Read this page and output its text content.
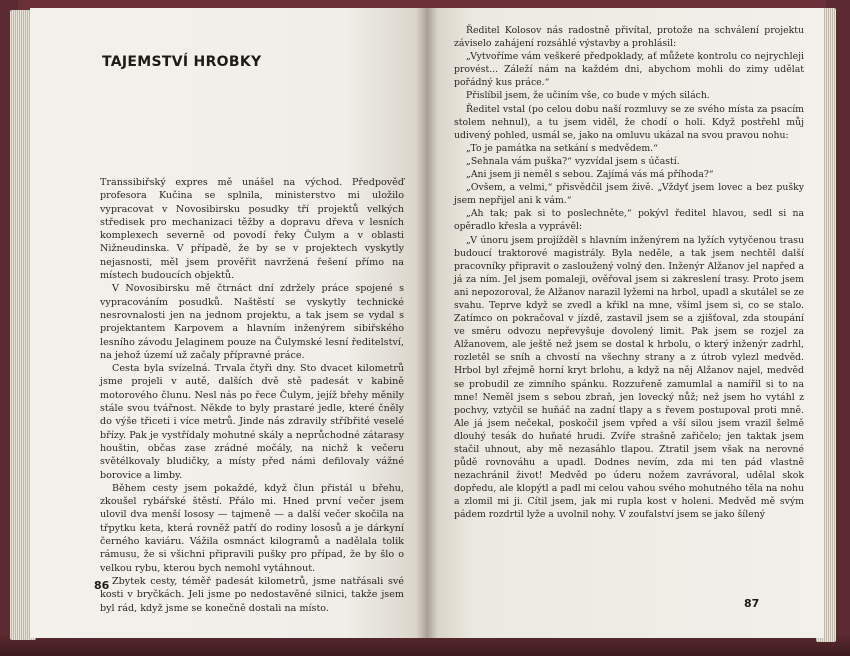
TAJEMSTVÍ HROBKY

Transsibiřský expres mě unášel na východ. Předpověď profesora Kučina se splnila, ministerstvo mi uložilo vypracovat v Novosibirsku posudky tří projektů velkých středisek pro mechanizaci těžby a dopravu dřeva v lesních komplexech severně od povodí řeky Čulym a v oblasti Nižneudinska. V případě, že by se v projektech vyskytly nejasnosti, měl jsem prověřit navržená řešení přímo na místech budoucích objektů.

V Novosibirsku mě čtrnáct dní zdržely práce spojené s vypracováním posudků. Naštěstí se vyskytly technické nesrovnalosti jen na jednom projektu, a tak jsem se vydal s projektantem Karpovem a hlavním inženýrem sibiřského lesního závodu Jelaginem pouze na Čulymské lesní ředitelství, na jehož území už začaly přípravné práce.

Cesta byla svízelná. Trvala čtyři dny. Sto dvacet kilometrů jsme projeli v autě, dalších dvě stě padesát v kabině motorového člunu. Nesl nás po řece Čulym, jejíž břehy měnily stále svou tvářnost. Někde to byly prastaré jedle, které čněly do výše třiceti i více metrů. Jinde nás zdravily stříbřité veselé břízy. Pak je vystřídaly mohutné skály a neprůchodné zátarasy houštin, občas zase zrádné močály, na nichž k večeru světélkovaly bludičky, a místy před námi defilovaly vážné borovice a limby.

Během cesty jsem pokaždé, když člun přistál u břehu, zkoušel rybářské štěstí. Přálo mi. Hned první večer jsem ulovil dva menší lososy — tajmeně — a další večer skočila na třpytku keta, která rovněž patří do rodiny lososů a je dárkyní černého kaviáru. Vážila osmnáct kilogramů a nadělala tolik rámusu, že si všichni připravili pušky pro případ, že by šlo o velkou rybu, kterou bych nemohl vytáhnout.

Zbytek cesty, téměř padesát kilometrů, jsme natřásali své kosti v bryčkách. Jeli jsme po nedostavěné silnici, takže jsem byl rád, když jsme se konečně dostali na místo.

86

Ředitel Kolosov nás radostně přivítal, protože na schválení projektu záviselo zahájení rozsáhlé výstavby a prohlásil:

„Vytvoříme vám veškeré předpoklady, ať můžete kontrolu co nejrychleji provést... Záleží nám na každém dni, abychom mohli do zimy udělat pořádný kus práce.“

Přislíbil jsem, že učiním vše, co bude v mých silách.

Ředitel vstal (po celou dobu naší rozmluvy se ze svého místa za psacím stolem nehnul), a tu jsem viděl, že chodí o holi. Když postřehl můj udivený pohled, usmál se, jako na omluvu ukázal na svou pravou nohu:

„To je památka na setkání s medvědem.“

„Sehnala vám puška?“ vyzvídal jsem s účastí.

„Ani jsem ji neměl s sebou. Zajímá vás má příhoda?“

„Ovšem, a velmi,“ přisvědčil jsem živě. „Vždyť jsem lovec a bez pušky jsem nepřijel ani k vám.“

„Ah tak; pak si to poslechněte,“ pokývl ředitel hlavou, sedl si na opěradlo křesla a vyprávěl:

„V únoru jsem projížděl s hlavním inženýrem na lyžích vytyčenou trasu budoucí traktorové magistrály. Byla neděle, a tak jsem nechtěl další pracovníky připravit o zasloužený volný den. Inženýr Alžanov jel napřed a já za ním. Jel jsem pomaleji, ověřoval jsem si zakreslení trasy. Proto jsem ani nepozoroval, že Alžanov narazil lyžemi na hrbol, upadl a skutálel se ze svahu. Teprve když se zvedl a křikl na mne, všiml jsem si, co se stalo. Zatímco on pokračoval v jízdě, zastavil jsem se a zjišťoval, zda stoupání ve směru odvozu nepřevyšuje dovolený limit. Pak jsem se rozjel za Alžanovem, ale ještě než jsem se dostal k hrbolu, o který inženýr zadrhl, rozletěl se sníh a chvostí na všechny strany a z útrob vylezl medvěd. Hrbol byl zřejmě horní kryt brlohu, a když na něj Alžanov najel, medvěd se probudil ze zimního spánku. Rozzuřeně zamumlal a namířil si to na mne! Neměl jsem s sebou zbraň, jen lovecký nůž; než jsem ho vytáhl z pochvy, vztyčil se huňáč na zadní tlapy a s řevem postupoval proti mně. Ale já jsem nečekal, poskočil jsem vpřed a vší silou jsem vrazil šelmě dlouhý tesák do huňaté hrudi. Zvíře strašně zařičelo; jen taktak jsem stačil uhnout, aby mě nezasáhlo tlapou. Ztratil jsem však na nerovné půdě rovnováhu a upadl. Dodnes nevím, zda mi ten pád vlastně nezachránil život! Medvěd po úderu nožem zavrávoral, udělal skok dopředu, ale klopýtl a padl mi celou vahou svého mohutného těla na nohu a zlomil mi ji. Cítil jsem, jak mi rupla kost v holeni. Medvěd mě svým pádem rozdrtil lyže a uvolnil nohy. V zoufalství jsem se jako šílený

87
